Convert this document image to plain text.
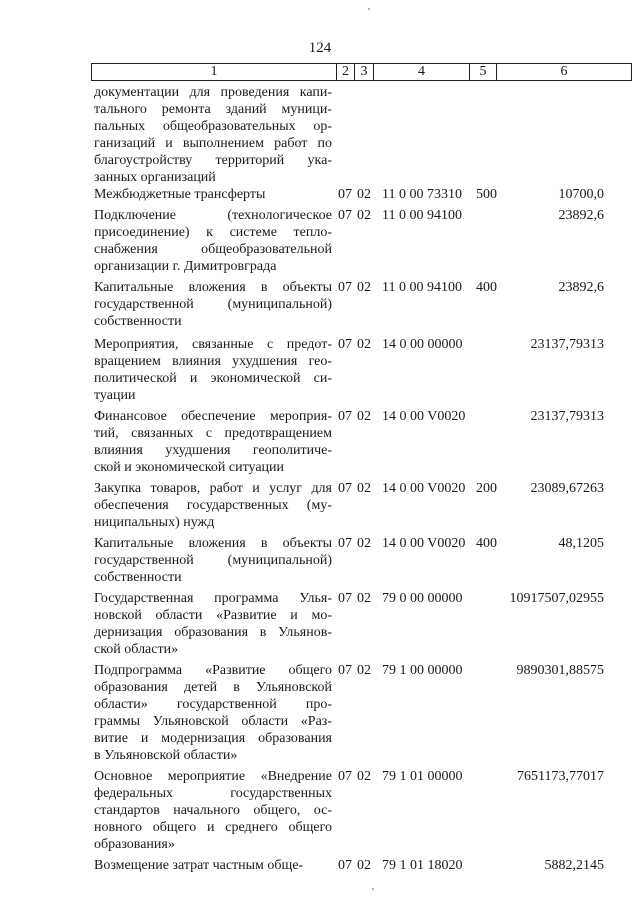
'
124
1	2 3	4	5	6
документации для проведения капи-
тального ремонта зданий муници-
пальных общеобразовательных ор-
ганизаций и выполнением работ по
благоустройству территорий ука-
занных организаций
Межбюджетные трансферты	07 02 11 0 00 73310 500	10700,0
Подключение (технологическое
присоединение) к системе тепло-
снабжения общеобразовательной
организации г. Димитровграда
07 02 11 0 00 94100	23892,6
Капитальные вложения в объекты
государственной (муниципальной)
собственности
07 02 11 0 00 94100 400	23892,6
Мероприятия, связанные с предот-
вращением влияния ухудшения гео-
политической и экономической си-
туации
07 02 14 0 00 00000	23137,79313
Финансовое обеспечение мероприя-
тий, связанных с предотвращением
влияния ухудшения геополитиче-
ской и экономической ситуации
07 02 14 0 00 V0020	23137,79313
Закупка товаров, работ и услуг для
обеспечения государственных (му-
ниципальных) нужд
07 02 14 0 00 V0020 200 23089,67263
Капитальные вложения в объекты
государственной (муниципальной)
собственности
07 02 14 0 00 V0020 400	48,1205
Государственная программа Улья-
новской области «Развитие и мо-
дернизация образования в Ульянов-
ской области»
07 02 79 0 00 00000	10917507,02955
Подпрограмма «Развитие общего
образования детей в Ульяновской
области» государственной про-
граммы Ульяновской области «Раз-
витие и модернизация образования
в Ульяновской области»
07 02 79 1 00 00000	9890301,88575
Основное мероприятие «Внедрение
федеральных государственных
стандартов начального общего, ос-
новного общего и среднего общего
образования»
07 02 79 1 01 00000	7651173,77017
Возмещение затрат частным обще-	07 02 79 1 01 18020	5882,2145
'
